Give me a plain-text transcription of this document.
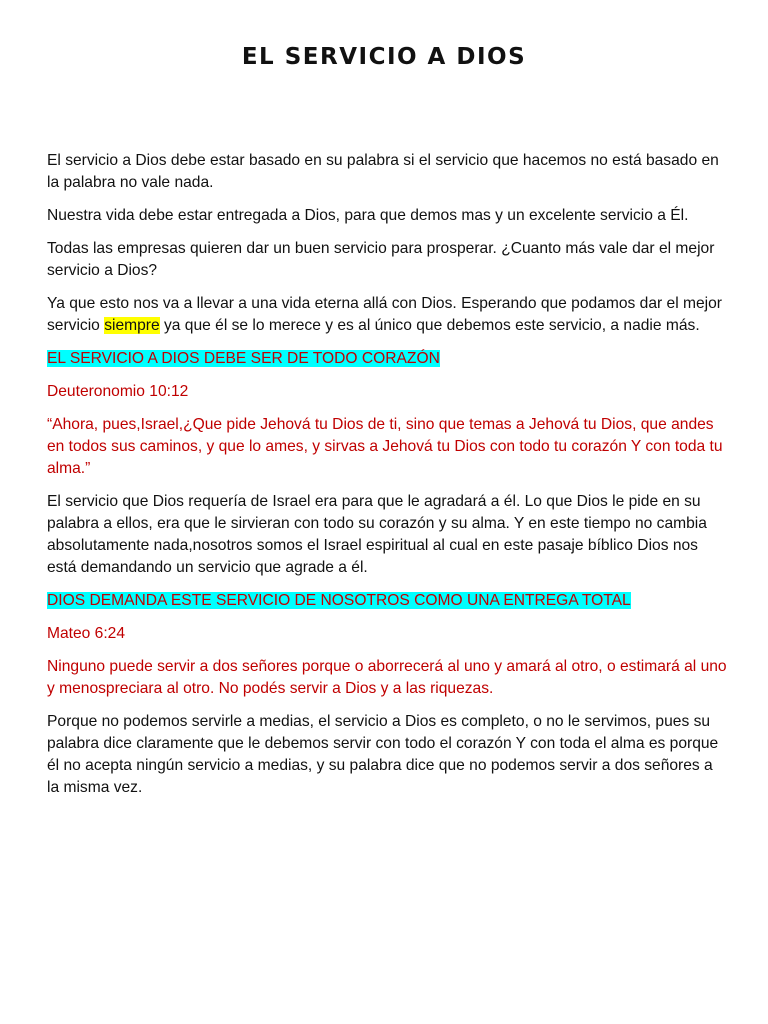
EL SERVICIO A DIOS

El servicio a Dios debe estar basado en su palabra si el servicio que hacemos no está basado en la palabra no vale nada.

Nuestra vida debe estar entregada a Dios, para que demos mas y un excelente servicio a Él.

Todas las empresas quieren dar un buen servicio para prosperar. ¿Cuanto más vale dar el mejor servicio a Dios?

Ya que esto nos va a llevar a una vida eterna allá con Dios. Esperando que podamos dar el mejor servicio siempre ya que él se lo merece y es al único que debemos este servicio, a nadie más.

EL SERVICIO A DIOS DEBE SER DE TODO CORAZÓN

Deuteronomio 10:12

“Ahora, pues,Israel,¿Que pide Jehová tu Dios de ti, sino que temas a Jehová tu Dios, que andes en todos sus caminos, y que lo ames, y sirvas a Jehová tu Dios con todo tu corazón Y con toda tu alma.”

El servicio que Dios requería de Israel era para que le agradará a él. Lo que Dios le pide en su palabra a ellos, era que le sirvieran con todo su corazón y su alma. Y en este tiempo no cambia absolutamente nada,nosotros somos el Israel espiritual al cual en este pasaje bíblico Dios nos está demandando un servicio que agrade a él.

DIOS DEMANDA ESTE SERVICIO DE NOSOTROS COMO UNA ENTREGA TOTAL

Mateo 6:24

Ninguno puede servir a dos señores porque o aborrecerá al uno y amará al otro, o estimará al uno y menospreciara al otro. No podés servir a Dios y a las riquezas.

Porque no podemos servirle a medias, el servicio a Dios es completo, o no le servimos, pues su palabra dice claramente que le debemos servir con todo el corazón Y con toda el alma es porque él no acepta ningún servicio a medias, y su palabra dice que no podemos servir a dos señores a la misma vez.
